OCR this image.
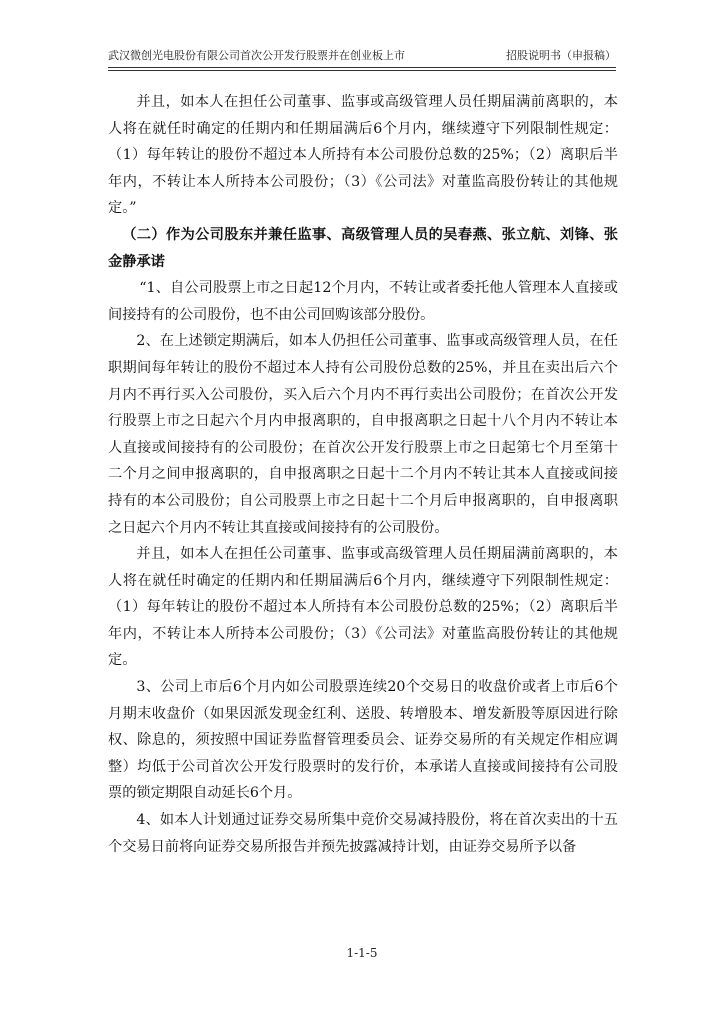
武汉微创光电股份有限公司首次公开发行股票并在创业板上市	招股说明书（申报稿）

并且，如本人在担任公司董事、监事或高级管理人员任期届满前离职的，本人将在就任时确定的任期内和任期届满后6个月内，继续遵守下列限制性规定：（1）每年转让的股份不超过本人所持有本公司股份总数的25%；（2）离职后半年内，不转让本人所持本公司股份；（3）《公司法》对董监高股份转让的其他规定。”

（二）作为公司股东并兼任监事、高级管理人员的吴春燕、张立航、刘锋、张金静承诺

“1、自公司股票上市之日起12个月内，不转让或者委托他人管理本人直接或间接持有的公司股份，也不由公司回购该部分股份。

2、在上述锁定期满后，如本人仍担任公司董事、监事或高级管理人员，在任职期间每年转让的股份不超过本人持有公司股份总数的25%，并且在卖出后六个月内不再行买入公司股份，买入后六个月内不再行卖出公司股份；在首次公开发行股票上市之日起六个月内申报离职的，自申报离职之日起十八个月内不转让本人直接或间接持有的公司股份；在首次公开发行股票上市之日起第七个月至第十二个月之间申报离职的，自申报离职之日起十二个月内不转让其本人直接或间接持有的本公司股份；自公司股票上市之日起十二个月后申报离职的，自申报离职之日起六个月内不转让其直接或间接持有的公司股份。

并且，如本人在担任公司董事、监事或高级管理人员任期届满前离职的，本人将在就任时确定的任期内和任期届满后6个月内，继续遵守下列限制性规定：（1）每年转让的股份不超过本人所持有本公司股份总数的25%；（2）离职后半年内，不转让本人所持本公司股份；（3）《公司法》对董监高股份转让的其他规定。

3、公司上市后6个月内如公司股票连续20个交易日的收盘价或者上市后6个月期末收盘价（如果因派发现金红利、送股、转增股本、增发新股等原因进行除权、除息的，须按照中国证券监督管理委员会、证券交易所的有关规定作相应调整）均低于公司首次公开发行股票时的发行价，本承诺人直接或间接持有公司股票的锁定期限自动延长6个月。

4、如本人计划通过证券交易所集中竞价交易减持股份，将在首次卖出的十五个交易日前将向证券交易所报告并预先披露减持计划，由证券交易所予以备

1-1-5
